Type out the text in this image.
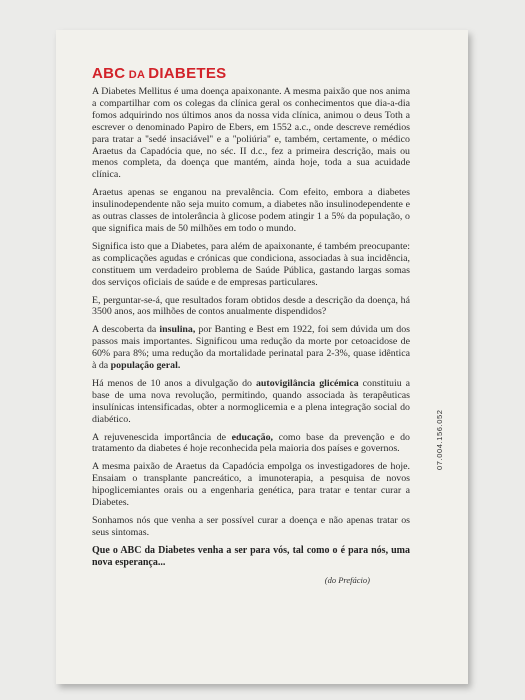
ABC DA DIABETES

A Diabetes Mellitus é uma doença apaixonante. A mesma paixão que nos anima a compartilhar com os colegas da clínica geral os conhecimentos que dia-a-dia fomos adquirindo nos últimos anos da nossa vida clínica, animou o deus Toth a escrever o denominado Papiro de Ebers, em 1552 a.c., onde descreve remédios para tratar a ''sedé insaciável'' e a ''poliúria'' e, também, certamente, o médico Araetus da Capadócia que, no séc. II d.c., fez a primeira descrição, mais ou menos completa, da doença que mantém, ainda hoje, toda a sua acuidade clínica.

Araetus apenas se enganou na prevalência. Com efeito, embora a diabetes insulinodependente não seja muito comum, a diabetes não insulinodependente e as outras classes de intolerância à glicose podem atingir 1 a 5% da população, o que significa mais de 50 milhões em todo o mundo.

Significa isto que a Diabetes, para além de apaixonante, é também preocupante: as complicações agudas e crónicas que condiciona, associadas à sua incidência, constituem um verdadeiro problema de Saúde Pública, gastando largas somas dos serviços oficiais de saúde e de empresas particulares.

E, perguntar-se-á, que resultados foram obtidos desde a descrição da doença, há 3500 anos, aos milhões de contos anualmente dispendidos?

A descoberta da insulina, por Banting e Best em 1922, foi sem dúvida um dos passos mais importantes. Significou uma redução da morte por cetoacidose de 60% para 8%; uma redução da mortalidade perinatal para 2-3%, quase idêntica à da população geral.

Há menos de 10 anos a divulgação do autovigilância glicémica constituiu a base de uma nova revolução, permitindo, quando associada às terapêuticas insulínicas intensificadas, obter a normoglicemia e a plena integração social do diabético.

A rejuvenescida importância de educação, como base da prevenção e do tratamento da diabetes é hoje reconhecida pela maioria dos países e governos.

A mesma paixão de Araetus da Capadócia empolga os investigadores de hoje. Ensaiam o transplante pancreático, a imunoterapia, a pesquisa de novos hipoglicemiantes orais ou a engenharia genética, para tratar e tentar curar a Diabetes.

Sonhamos nós que venha a ser possível curar a doença e não apenas tratar os seus sintomas.

Que o ABC da Diabetes venha a ser para vós, tal como o é para nós, uma nova esperança...

(do Prefácio)
07.004.156.052
